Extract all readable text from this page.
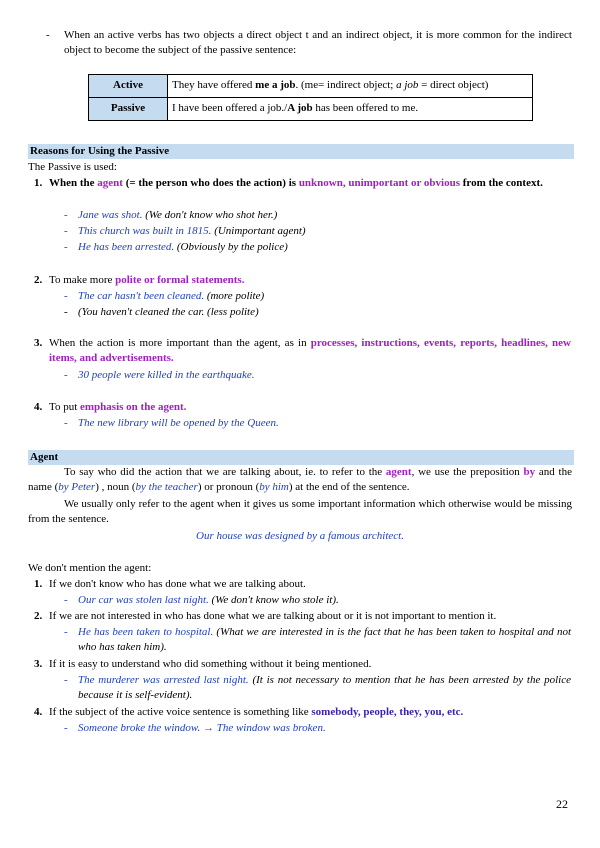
- When an active verbs has two objects a direct object t and an indirect object, it is more common for the indirect object to become the subject of the passive sentence:
Active	They have offered me a job. (me= indirect object; a job = direct object)
Passive	I have been offered a job./A job has been offered to me.
Reasons for Using the Passive
The Passive is used:
1. When the agent (= the person who does the action) is unknown, unimportant or obvious from the context.
- Jane was shot. (We don't know who shot her.)
- This church was built in 1815. (Unimportant agent)
- He has been arrested. (Obviously by the police)
2. To make more polite or formal statements.
- The car hasn't been cleaned. (more polite)
- (You haven't cleaned the car. (less polite)
3. When the action is more important than the agent, as in processes, instructions, events, reports, headlines, new items, and advertisements.
- 30 people were killed in the earthquake.
4. To put emphasis on the agent.
- The new library will be opened by the Queen.
Agent
To say who did the action that we are talking about, ie. to refer to the agent, we use the preposition by and the name (by Peter) , noun (by the teacher) or pronoun (by him) at the end of the sentence.
We usually only refer to the agent when it gives us some important information which otherwise would be missing from the sentence.
Our house was designed by a famous architect.
We don't mention the agent:
1. If we don't know who has done what we are talking about.
- Our car was stolen last night. (We don't know who stole it).
2. If we are not interested in who has done what we are talking about or it is not important to mention it.
- He has been taken to hospital. (What we are interested in is the fact that he has been taken to hospital and not who has taken him).
3. If it is easy to understand who did something without it being mentioned.
- The murderer was arrested last night. (It is not necessary to mention that he has been arrested by the police because it is self-evident).
4. If the subject of the active voice sentence is something like somebody, people, they, you, etc.
- Someone broke the window. → The window was broken.
22
